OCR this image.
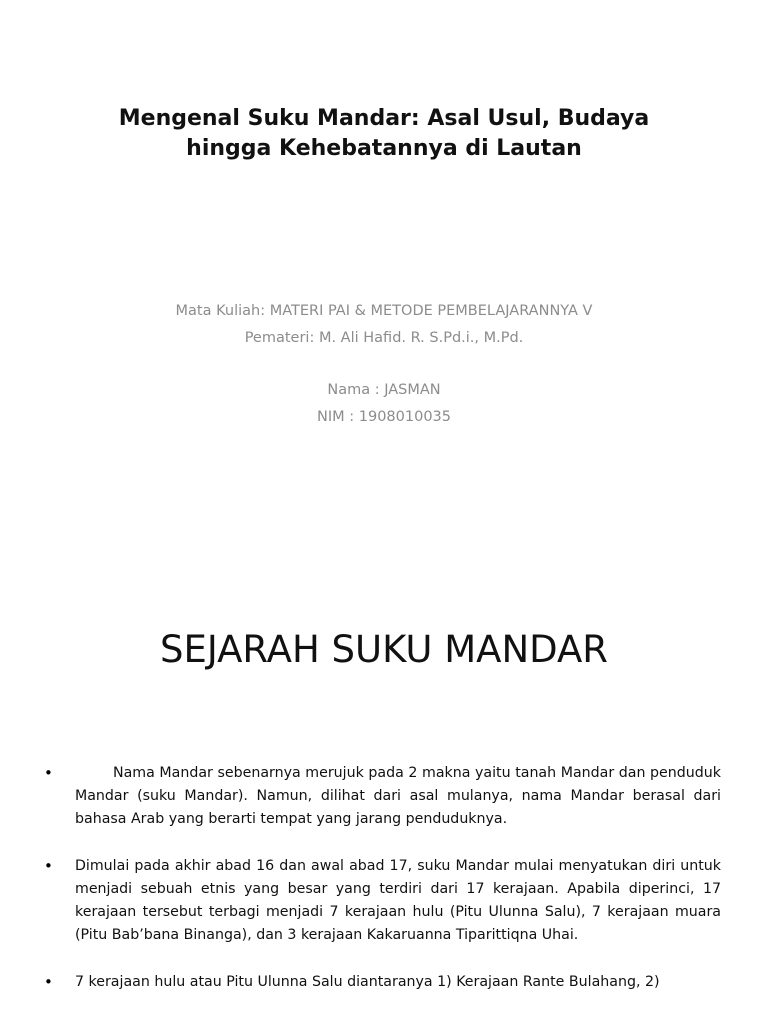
Mengenal Suku Mandar: Asal Usul, Budaya
hingga Kehebatannya di Lautan
Mata Kuliah: MATERI PAI & METODE PEMBELAJARANNYA V
Pemateri: M. Ali Hafid. R. S.Pd.i., M.Pd.
Nama : JASMAN
NIM : 1908010035
SEJARAH SUKU MANDAR
•	Nama Mandar sebenarnya merujuk pada 2 makna yaitu tanah Mandar dan penduduk Mandar (suku Mandar). Namun, dilihat dari asal mulanya, nama Mandar berasal dari bahasa Arab yang berarti tempat yang jarang penduduknya.
• Dimulai pada akhir abad 16 dan awal abad 17, suku Mandar mulai menyatukan diri untuk menjadi sebuah etnis yang besar yang terdiri dari 17 kerajaan. Apabila diperinci, 17 kerajaan tersebut terbagi menjadi 7 kerajaan hulu (Pitu Ulunna Salu), 7 kerajaan muara (Pitu Bab’bana Binanga), dan 3 kerajaan Kakaruanna Tiparittiqna Uhai.
• 7 kerajaan hulu atau Pitu Ulunna Salu diantaranya 1) Kerajaan Rante Bulahang, 2)
